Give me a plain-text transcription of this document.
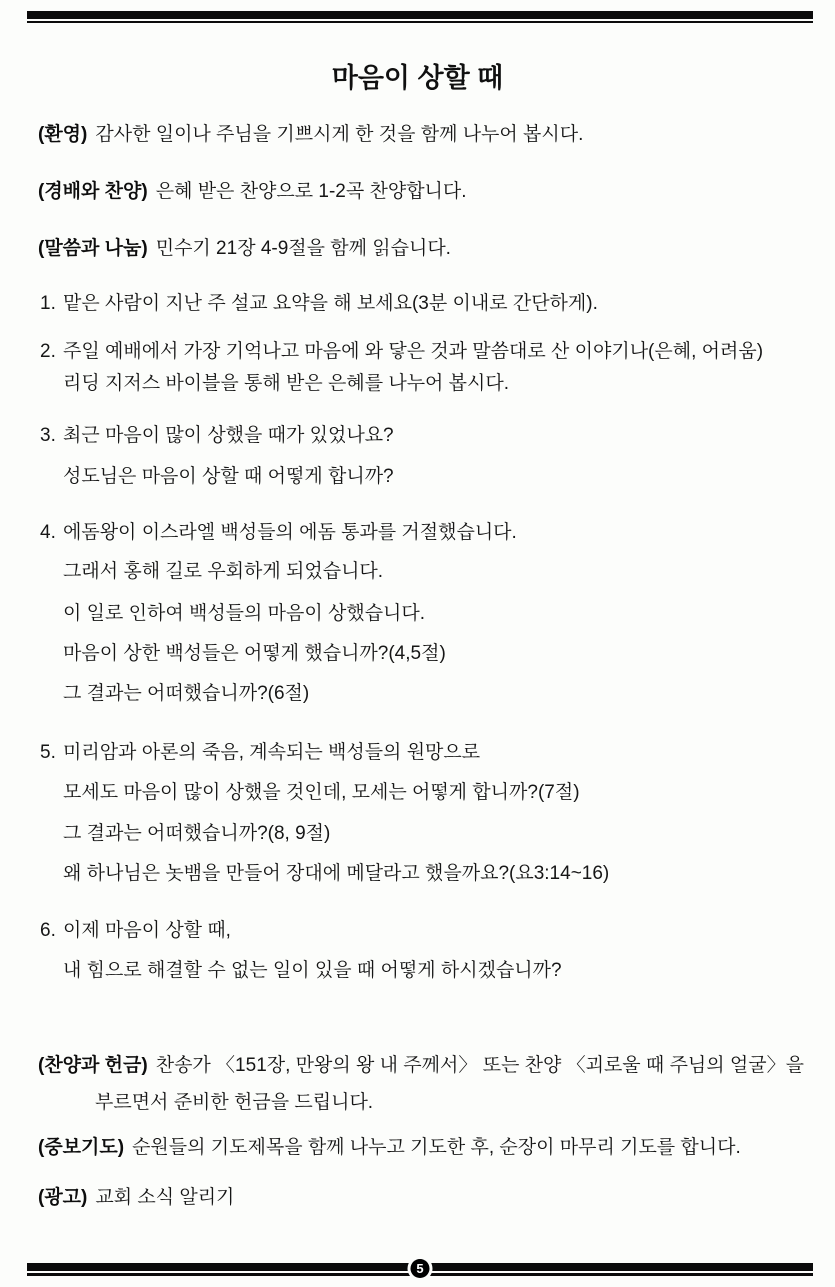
마음이 상할 때
(환영) 감사한 일이나 주님을 기쁘시게 한 것을 함께 나누어 봅시다.
(경배와 찬양) 은혜 받은 찬양으로 1-2곡 찬양합니다.
(말씀과 나눔) 민수기 21장 4-9절을 함께 읽습니다.
1. 맡은 사람이 지난 주 설교 요약을 해 보세요(3분 이내로 간단하게).
2. 주일 예배에서 가장 기억나고 마음에 와 닿은 것과 말씀대로 산 이야기나(은혜, 어려움)
리딩 지저스 바이블을 통해 받은 은혜를 나누어 봅시다.
3. 최근 마음이 많이 상했을 때가 있었나요?
성도님은 마음이 상할 때 어떻게 합니까?
4. 에돔왕이 이스라엘 백성들의 에돔 통과를 거절했습니다.
그래서 홍해 길로 우회하게 되었습니다.
이 일로 인하여 백성들의 마음이 상했습니다.
마음이 상한 백성들은 어떻게 했습니까?(4,5절)
그 결과는 어떠했습니까?(6절)
5. 미리암과 아론의 죽음, 계속되는 백성들의 원망으로
모세도 마음이 많이 상했을 것인데, 모세는 어떻게 합니까?(7절)
그 결과는 어떠했습니까?(8, 9절)
왜 하나님은 놋뱀을 만들어 장대에 메달라고 했을까요?(요3:14~16)
6. 이제 마음이 상할 때,
내 힘으로 해결할 수 없는 일이 있을 때 어떻게 하시겠습니까?
(찬양과 헌금) 찬송가 〈151장, 만왕의 왕 내 주께서〉 또는 찬양 〈괴로울 때 주님의 얼굴〉을
부르면서 준비한 헌금을 드립니다.
(중보기도) 순원들의 기도제목을 함께 나누고 기도한 후, 순장이 마무리 기도를 합니다.
(광고) 교회 소식 알리기
5
